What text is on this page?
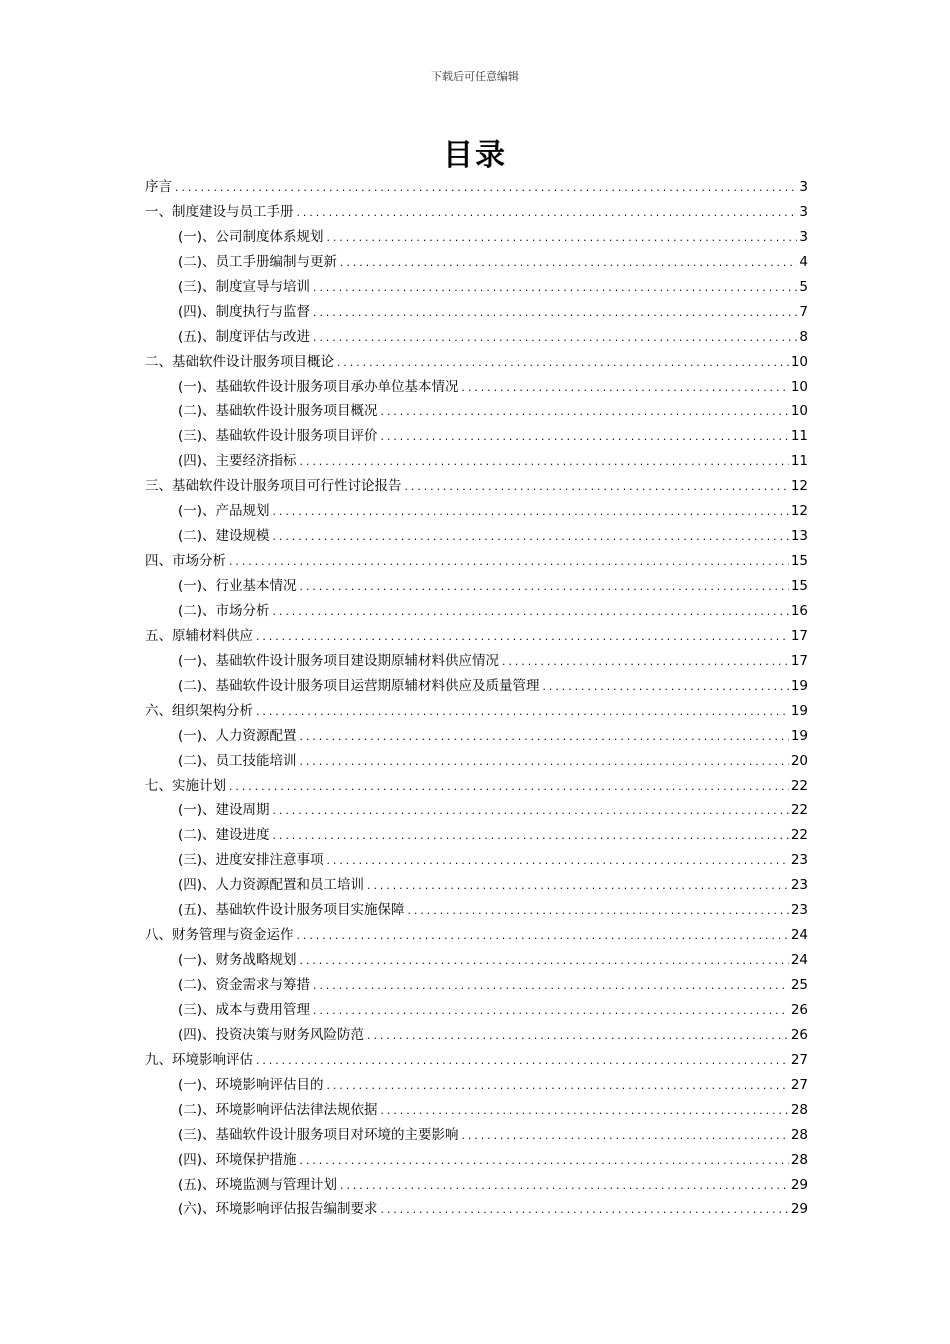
下载后可任意编辑
目录
序言 .....	3
一、制度建设与员工手册 .....	3
(一)、公司制度体系规划 .....	3
(二)、员工手册编制与更新 .....	4
(三)、制度宣导与培训 .....	5
(四)、制度执行与监督 .....	7
(五)、制度评估与改进 .....	8
二、基础软件设计服务项目概论 .....	10
(一)、基础软件设计服务项目承办单位基本情况 .....	10
(二)、基础软件设计服务项目概况 .....	10
(三)、基础软件设计服务项目评价 .....	11
(四)、主要经济指标 .....	11
三、基础软件设计服务项目可行性讨论报告 .....	12
(一)、产品规划 .....	12
(二)、建设规模 .....	13
四、市场分析 .....	15
(一)、行业基本情况 .....	15
(二)、市场分析 .....	16
五、原辅材料供应 .....	17
(一)、基础软件设计服务项目建设期原辅材料供应情况 .....	17
(二)、基础软件设计服务项目运营期原辅材料供应及质量管理 .....	19
六、组织架构分析 .....	19
(一)、人力资源配置 .....	19
(二)、员工技能培训 .....	20
七、实施计划 .....	22
(一)、建设周期 .....	22
(二)、建设进度 .....	22
(三)、进度安排注意事项 .....	23
(四)、人力资源配置和员工培训 .....	23
(五)、基础软件设计服务项目实施保障 .....	23
八、财务管理与资金运作 .....	24
(一)、财务战略规划 .....	24
(二)、资金需求与筹措 .....	25
(三)、成本与费用管理 .....	26
(四)、投资决策与财务风险防范 .....	26
九、环境影响评估 .....	27
(一)、环境影响评估目的 .....	27
(二)、环境影响评估法律法规依据 .....	28
(三)、基础软件设计服务项目对环境的主要影响 .....	28
(四)、环境保护措施 .....	28
(五)、环境监测与管理计划 .....	29
(六)、环境影响评估报告编制要求 .....	29
